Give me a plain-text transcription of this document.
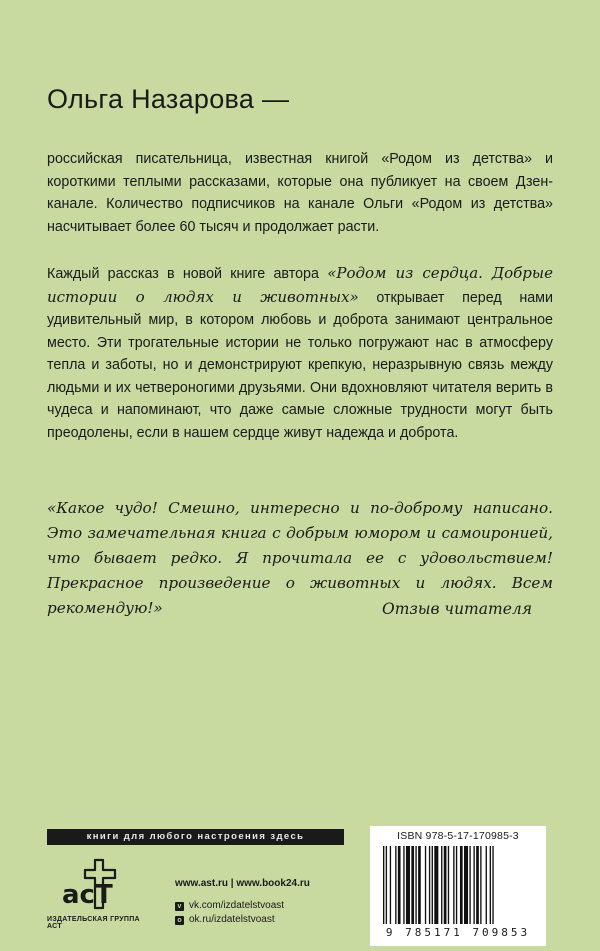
Ольга Назарова —

российская писательница, известная книгой «Родом из детства» и короткими теплыми рассказами, которые она публикует на своем Дзен-канале. Количество подписчиков на канале Ольги «Родом из детства» насчитывает более 60 тысяч и продолжает расти.

Каждый рассказ в новой книге автора «Родом из сердца. Добрые истории о людях и животных» открывает перед нами удивительный мир, в котором любовь и доброта занимают центральное место. Эти трогательные истории не только погружают нас в атмосферу тепла и заботы, но и демонстрируют крепкую, неразрывную связь между людьми и их четвероногими друзьями. Они вдохновляют читателя верить в чудеса и напоминают, что даже самые сложные трудности могут быть преодолены, если в нашем сердце живут надежда и доброта.

«Какое чудо! Смешно, интересно и по-доброму написано. Это замечательная книга с добрым юмором и самоиронией, что бывает редко. Я прочитала ее с удовольствием! Прекрасное произведение о животных и людях. Всем рекомендую!»	Отзыв читателя
книги для любого настроения здесь
acT
ИЗДАТЕЛЬСКАЯ ГРУППА АСТ
www.ast.ru | www.book24.ru
v vk.com/izdatelstvoast
o ok.ru/izdatelstvoast
ISBN 978-5-17-170985-3
9 785171 709853
